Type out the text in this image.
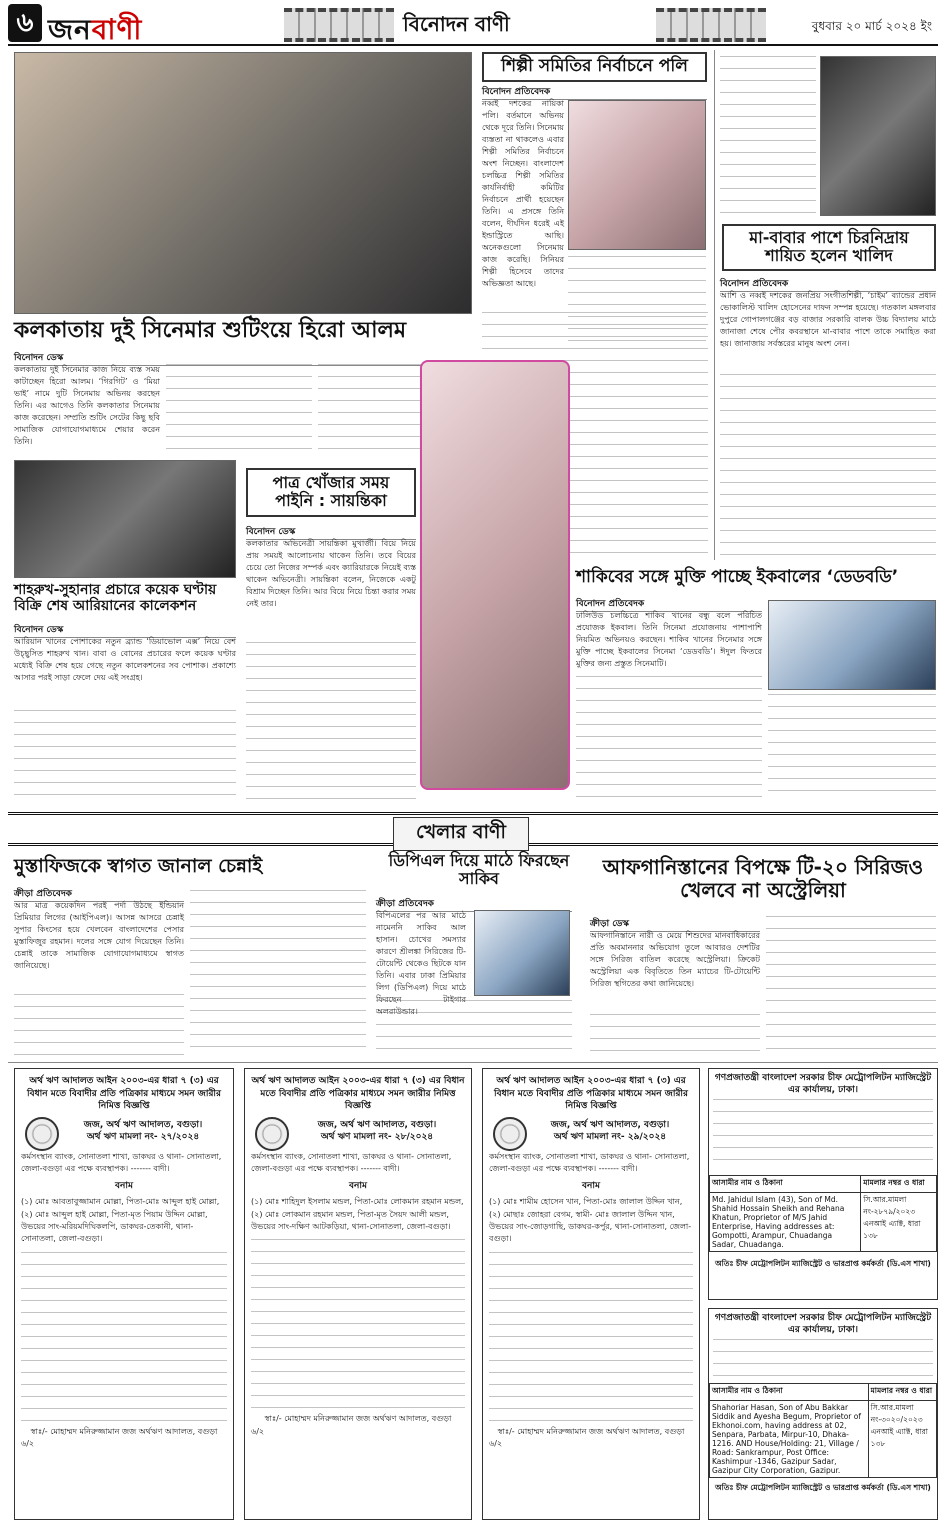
৬ জনবাণী	বিনোদন বাণী	বুধবার ২০ মার্চ ২০২৪ ইং
শিল্পী সমিতির নির্বাচনে পলি
বিনোদন প্রতিবেদক
নব্বই দশকের নায়িকা পলি। বর্তমানে অভিনয় থেকে দূরে তিনি। সিনেমায় ব্যস্ততা না থাকলেও এবার শিল্পী সমিতির নির্বাচনে অংশ নিচ্ছেন। বাংলাদেশ চলচ্চিত্র শিল্পী সমিতির কার্যনির্বাহী কমিটির নির্বাচনে প্রার্থী হয়েছেন তিনি। এ প্রসঙ্গে তিনি বলেন, দীর্ঘদিন ধরেই এই ইন্ডাস্ট্রিতে আছি। অনেকগুলো সিনেমায় কাজ করেছি। সিনিয়র শিল্পী হিসেবে তাদের অভিজ্ঞতা আছে।
মা-বাবার পাশে চিরনিদ্রায় শায়িত হলেন খালিদ
বিনোদন প্রতিবেদক
আশি ও নব্বই দশকের জনপ্রিয় সংগীতশিল্পী, ‘চাইম’ ব্যান্ডের প্রধান ভোকালিস্ট খালিদ হোসেনের দাফন সম্পন্ন হয়েছে। গতকাল মঙ্গলবার দুপুরে গোপালগঞ্জের বড় বাজার সরকারি বালক উচ্চ বিদ্যালয় মাঠে জানাজা শেষে পৌর কবরস্থানে মা-বাবার পাশে তাকে সমাহিত করা হয়। জানাজায় সর্বস্তরের মানুষ অংশ নেন।
কলকাতায় দুই সিনেমার শুটিংয়ে হিরো আলম
বিনোদন ডেস্ক
কলকাতায় দুই সিনেমার কাজ নিয়ে ব্যস্ত সময় কাটাচ্ছেন হিরো আলম। ‘গিরগিট’ ও ‘মিয়া ভাই’ নামে দুটি সিনেমায় অভিনয় করছেন তিনি। এর আগেও তিনি কলকাতার সিনেমায় কাজ করেছেন। সম্প্রতি শুটিং সেটের কিছু ছবি সামাজিক যোগাযোগমাধ্যমে শেয়ার করেন তিনি।
শাহরুখ-সুহানার প্রচারে কয়েক ঘণ্টায় বিক্রি শেষ আরিয়ানের কালেকশন
বিনোদন ডেস্ক
আরিয়ান খানের পোশাকের নতুন ব্র্যান্ড ‘ডিয়াভোল এক্স’ নিয়ে বেশ উচ্ছ্বসিত শাহরুখ খান। বাবা ও বোনের প্রচারের ফলে কয়েক ঘণ্টার মধ্যেই বিক্রি শেষ হয়ে গেছে নতুন কালেকশনের সব পোশাক। প্রকাশ্যে আসার পরই সাড়া ফেলে দেয় এই সংগ্রহ।
পাত্র খোঁজার সময় পাইনি : সায়ন্তিকা
বিনোদন ডেস্ক
কলকাতার অভিনেত্রী সায়ন্তিকা মুখার্জী। বিয়ে নিয়ে প্রায় সময়ই আলোচনায় থাকেন তিনি। তবে বিয়ের চেয়ে তো নিজের সম্পর্ক এবং ক্যারিয়ারকে নিয়েই ব্যস্ত থাকেন অভিনেত্রী। সায়ন্তিকা বলেন, নিজেকে একটু বিশ্রাম দিচ্ছেন তিনি। আর বিয়ে নিয়ে চিন্তা করার সময় নেই তার।
শাকিবের সঙ্গে মুক্তি পাচ্ছে ইকবালের ‘ডেডবডি’
বিনোদন প্রতিবেদক
ঢালিউড চলচ্চিত্রে শাকিব খানের বন্ধু বলে পরিচিত প্রযোজক ইকবাল। তিনি সিনেমা প্রযোজনায় পাশাপাশি নিয়মিত অভিনয়ও করছেন। শাকিব খানের সিনেমার সঙ্গে মুক্তি পাচ্ছে ইকবালের সিনেমা ‘ডেডবডি’। ঈদুল ফিতরে মুক্তির জন্য প্রস্তুত সিনেমাটি।
খেলার বাণী
মুস্তাফিজকে স্বাগত জানাল চেন্নাই
ক্রীড়া প্রতিবেদক
আর মাত্র কয়েকদিন পরই পর্দা উঠছে ইন্ডিয়ান প্রিমিয়ার লিগের (আইপিএল)। আসন্ন আসরে চেন্নাই সুপার কিংসের হয়ে খেলবেন বাংলাদেশের পেসার মুস্তাফিজুর রহমান। দলের সঙ্গে যোগ দিয়েছেন তিনি। চেন্নাই তাকে সামাজিক যোগাযোগমাধ্যমে স্বাগত জানিয়েছে।
ডিপিএল দিয়ে মাঠে ফিরছেন সাকিব
ক্রীড়া প্রতিবেদক
বিপিএলের পর আর মাঠে নামেননি সাকিব আল হাসান। চোখের সমস্যার কারণে শ্রীলঙ্কা সিরিজের টি-টোয়েন্টি থেকেও ছিটকে যান তিনি। এবার ঢাকা প্রিমিয়ার লিগ (ডিপিএল) দিয়ে মাঠে ফিরছেন টাইগার অলরাউন্ডার।
আফগানিস্তানের বিপক্ষে টি-২০ সিরিজও খেলবে না অস্ট্রেলিয়া
ক্রীড়া ডেস্ক
আফগানিস্তানে নারী ও মেয়ে শিশুদের মানবাধিকারের প্রতি অবমাননার অভিযোগ তুলে আবারও দেশটির সঙ্গে সিরিজ বাতিল করেছে অস্ট্রেলিয়া। ক্রিকেট অস্ট্রেলিয়া এক বিবৃতিতে তিন ম্যাচের টি-টোয়েন্টি সিরিজ স্থগিতের কথা জানিয়েছে।
অর্থ ঋণ আদালত আইন ২০০৩-এর ধারা ৭ (৩) এর বিধান মতে বিবাদীর প্রতি পত্রিকার মাধ্যমে সমন জারীর নিমিত্ত বিজ্ঞপ্তি
জজ, অর্থ ঋণ আদালত, বগুড়া।
অর্থ ঋণ মামলা নং- ২৭/২০২৪
কর্মসংস্থান ব্যাংক, সোনাতলা শাখা, ডাকঘর ও থানা- সোনাতলা, জেলা-বগুড়া এর পক্ষে ব্যবস্থাপক। ------- বাদী।
বনাম
(১) মোঃ আবতাবুজ্জামান মোল্লা, পিতা-মোঃ আব্দুল হাই মোল্লা, (২) মোঃ আব্দুল হাই মোল্লা, পিতা-মৃত পিয়াম উদ্দিন মোল্লা, উভয়ের সাং-মরিয়মদিঘিকলপি, ডাকঘর-তেকানী, থানা-সোনাতলা, জেলা-বগুড়া।
স্বাঃ/- মোহাম্মদ মনিরুজ্জামান জজ অর্থঋণ আদালত, বগুড়া
৬/২
অর্থ ঋণ আদালত আইন ২০০৩-এর ধারা ৭ (৩) এর বিধান মতে বিবাদীর প্রতি পত্রিকার মাধ্যমে সমন জারীর নিমিত্ত বিজ্ঞপ্তি
জজ, অর্থ ঋণ আদালত, বগুড়া।
অর্থ ঋণ মামলা নং- ২৮/২০২৪
কর্মসংস্থান ব্যাংক, সোনাতলা শাখা, ডাকঘর ও থানা- সোনাতলা, জেলা-বগুড়া এর পক্ষে ব্যবস্থাপক। ------- বাদী।
বনাম
(১) মোঃ শাহিদুল ইসলাম মন্ডল, পিতা-মোঃ লোকমান রহমান মন্ডল, (২) মোঃ লোকমান রহমান মন্ডল, পিতা-মৃত সৈয়দ আলী মন্ডল, উভয়ের সাং-দক্ষিণ আটকড়িয়া, থানা-সোনাতলা, জেলা-বগুড়া।
স্বাঃ/- মোহাম্মদ মনিরুজ্জামান জজ অর্থঋণ আদালত, বগুড়া
৬/২
অর্থ ঋণ আদালত আইন ২০০৩-এর ধারা ৭ (৩) এর বিধান মতে বিবাদীর প্রতি পত্রিকার মাধ্যমে সমন জারীর নিমিত্ত বিজ্ঞপ্তি
জজ, অর্থ ঋণ আদালত, বগুড়া।
অর্থ ঋণ মামলা নং- ২৯/২০২৪
কর্মসংস্থান ব্যাংক, সোনাতলা শাখা, ডাকঘর ও থানা- সোনাতলা, জেলা-বগুড়া এর পক্ষে ব্যবস্থাপক। ------- বাদী।
বনাম
(১) মোঃ শামীম হোসেন খান, পিতা-মোঃ জালাল উদ্দিন খান, (২) মোছাঃ জোহরা বেগম, স্বামী- মোঃ জালাল উদ্দিন খান, উভয়ের সাং-জোড়গাছি, ডাকঘর-কর্পুর, থানা-সোনাতলা, জেলা-বগুড়া।
স্বাঃ/- মোহাম্মদ মনিরুজ্জামান জজ অর্থঋণ আদালত, বগুড়া
৬/২
গণপ্রজাতন্ত্রী বাংলাদেশ সরকার চীফ মেট্রোপলিটন ম্যাজিস্ট্রেট এর কার্যালয়, ঢাকা।
আসামীর নাম ও ঠিকানা	মামলার নম্বর ও ধারা
Md. Jahidul Islam (43), Son of Md. Shahid Hossain Sheikh and Rehana Khatun, Proprietor of M/S Jahid Enterprise, Having addresses at: Gompotti, Arampur, Chuadanga Sadar, Chuadanga.	সি.আর.মামলা নং-২৮৭৯/২০২৩ এনআই এ্যাক্ট, ধারা ১৩৮
অতিঃ চীফ মেট্রোপলিটন ম্যাজিস্ট্রেট ও ভারপ্রাপ্ত কর্মকর্তা (ডি.এস শাখা)
গণপ্রজাতন্ত্রী বাংলাদেশ সরকার চীফ মেট্রোপলিটন ম্যাজিস্ট্রেট এর কার্যালয়, ঢাকা।
আসামীর নাম ও ঠিকানা	মামলার নম্বর ও ধারা
Shahoriar Hasan, Son of Abu Bakkar Siddik and Ayesha Begum, Proprietor of Ekhonoi.com, having address at 02, Senpara, Parbata, Mirpur-10, Dhaka-1216. AND House/Holding: 21, Village / Road: Sankrampur, Post Office: Kashimpur -1346, Gazipur Sadar, Gazipur City Corporation, Gazipur.	সি.আর.মামলা নং-৩০২০/২০২৩ এনআই এ্যাক্ট, ধারা ১৩৮
অতিঃ চীফ মেট্রোপলিটন ম্যাজিস্ট্রেট ও ভারপ্রাপ্ত কর্মকর্তা (ডি.এস শাখা)
